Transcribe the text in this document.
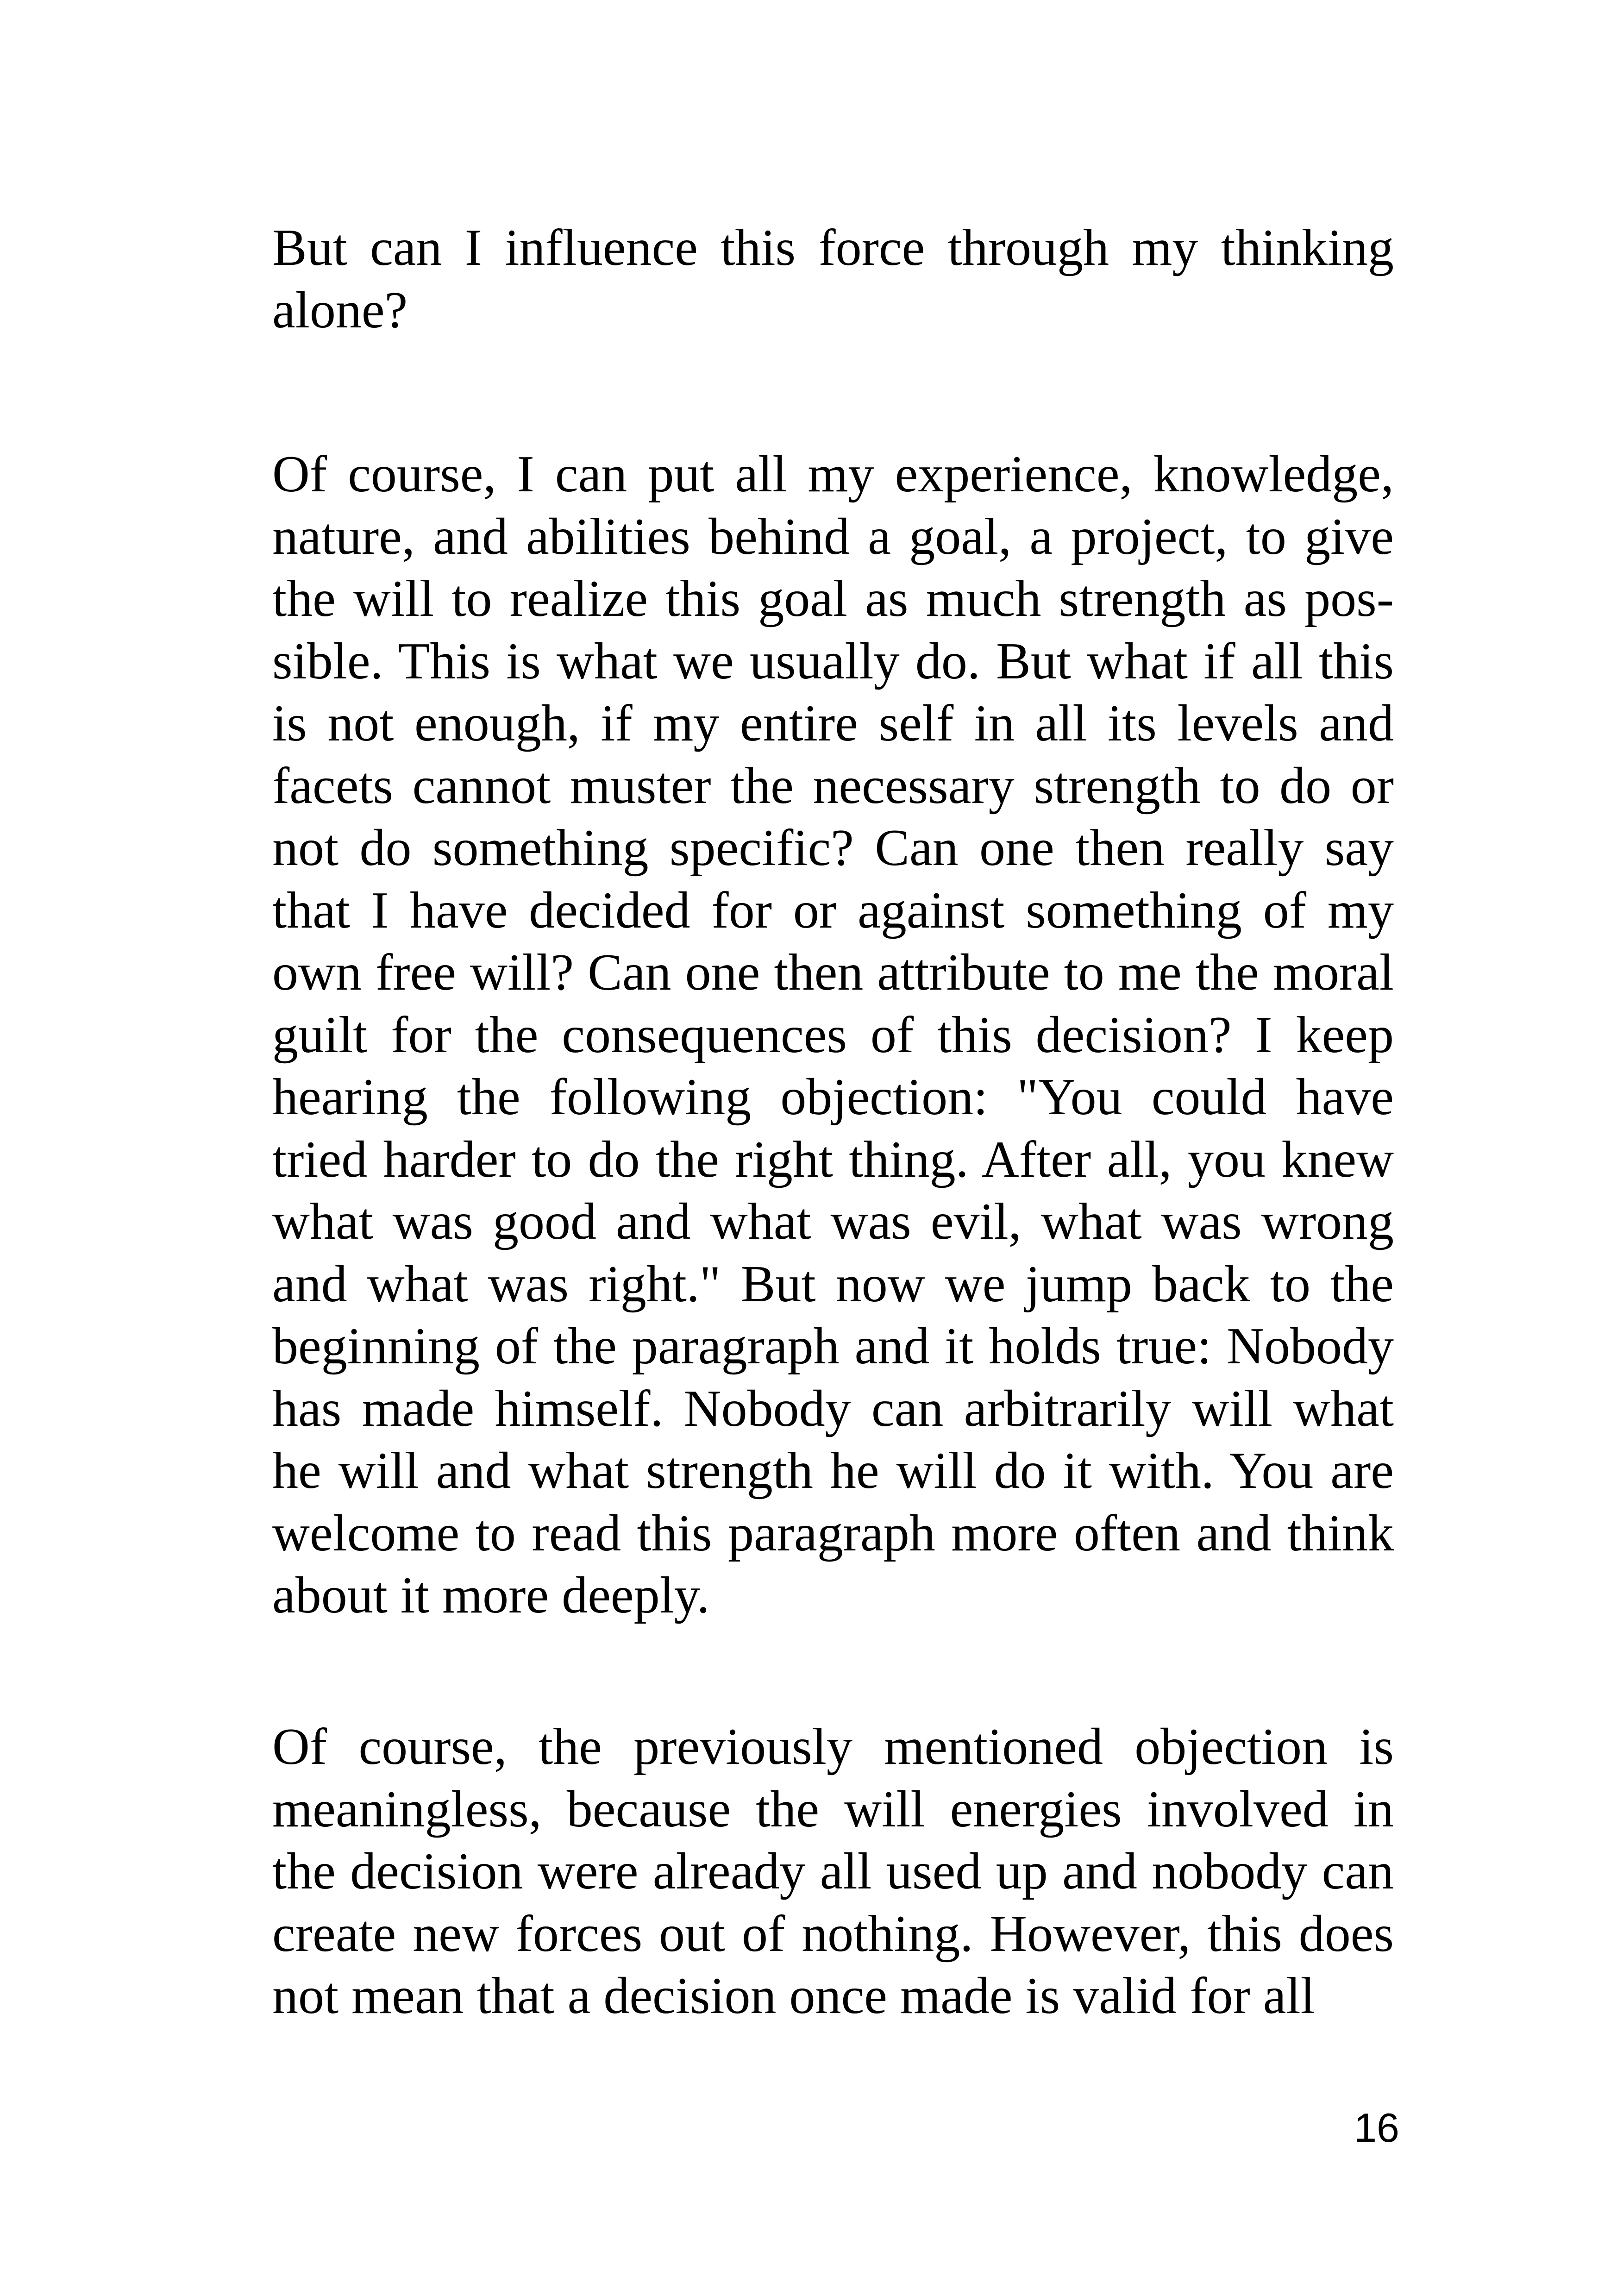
But can I influence this force through my thinking alone?

Of course, I can put all my experience, knowledge, nature, and abilities behind a goal, a project, to give the will to realize this goal as much strength as possible. This is what we usually do. But what if all this is not enough, if my entire self in all its levels and facets cannot muster the necessary strength to do or not do something specific? Can one then really say that I have decided for or against something of my own free will? Can one then attribute to me the moral guilt for the consequences of this decision? I keep hearing the following objection: "You could have tried harder to do the right thing. After all, you knew what was good and what was evil, what was wrong and what was right." But now we jump back to the beginning of the paragraph and it holds true: Nobody has made himself. Nobody can arbitrarily will what he will and what strength he will do it with. You are welcome to read this paragraph more often and think about it more deeply.

Of course, the previously mentioned objection is meaningless, because the will energies involved in the decision were already all used up and nobody can create new forces out of nothing. However, this does not mean that a decision once made is valid for all

16
